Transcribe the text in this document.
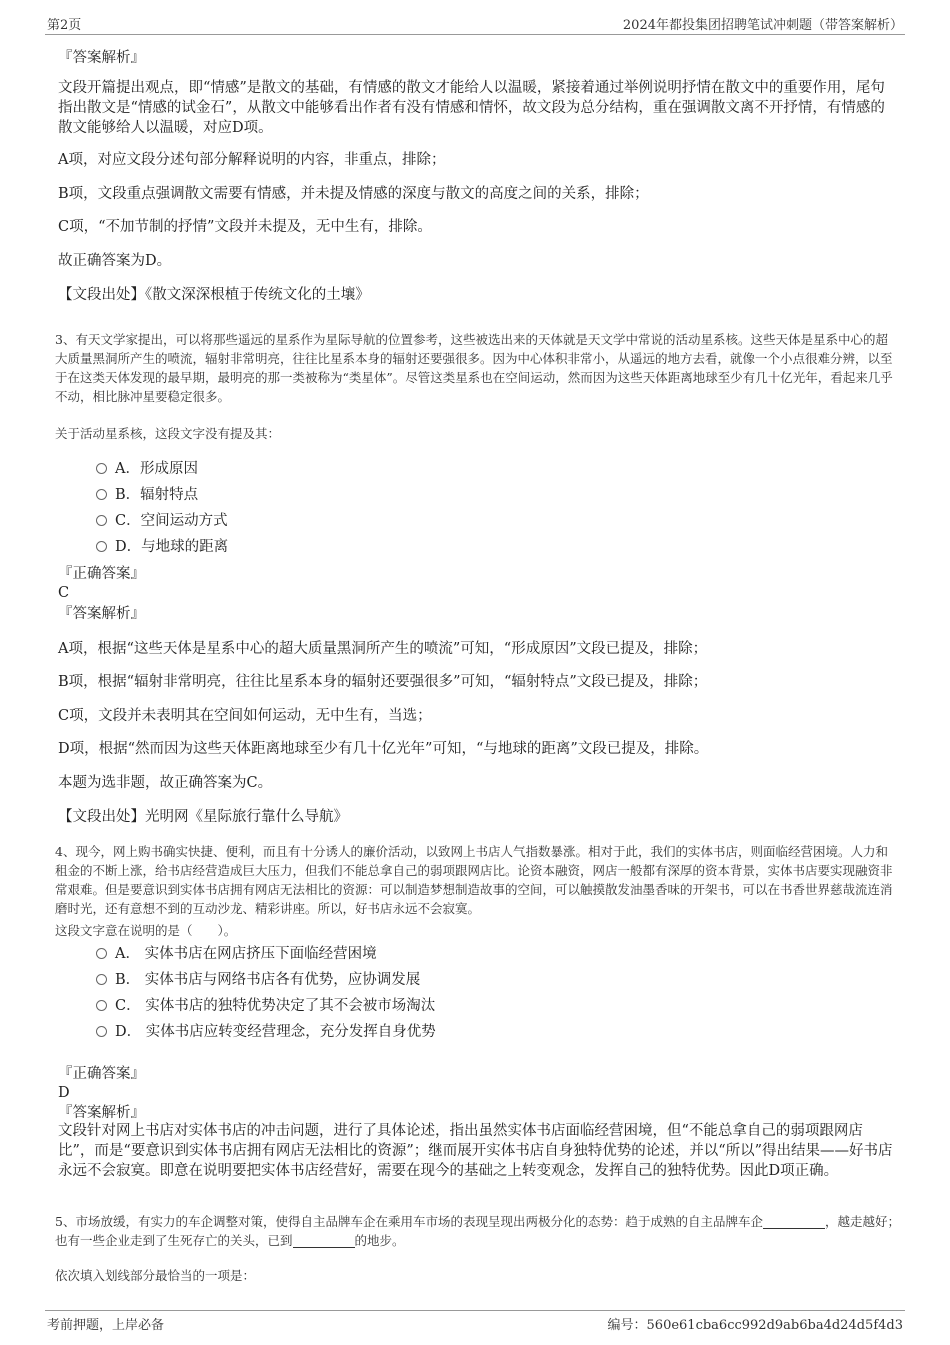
第2页	2024年都投集团招聘笔试冲刺题（带答案解析）

『答案解析』

文段开篇提出观点，即“情感”是散文的基础，有情感的散文才能给人以温暖，紧接着通过举例说明抒情在散文中的重要作用，尾句指出散文是“情感的试金石”，从散文中能够看出作者有没有情感和情怀，故文段为总分结构，重在强调散文离不开抒情，有情感的散文能够给人以温暖，对应D项。

A项，对应文段分述句部分解释说明的内容，非重点，排除；

B项，文段重点强调散文需要有情感，并未提及情感的深度与散文的高度之间的关系，排除；

C项，“不加节制的抒情”文段并未提及，无中生有，排除。

故正确答案为D。

【文段出处】《散文深深根植于传统文化的土壤》

3、有天文学家提出，可以将那些遥远的星系作为星际导航的位置参考，这些被选出来的天体就是天文学中常说的活动星系核。这些天体是星系中心的超大质量黑洞所产生的喷流，辐射非常明亮，往往比星系本身的辐射还要强很多。因为中心体积非常小，从遥远的地方去看，就像一个小点很难分辨，以至于在这类天体发现的最早期，最明亮的那一类被称为“类星体”。尽管这类星系也在空间运动，然而因为这些天体距离地球至少有几十亿光年，看起来几乎不动，相比脉冲星要稳定很多。

关于活动星系核，这段文字没有提及其：

A．形成原因
B．辐射特点
C．空间运动方式
D．与地球的距离

『正确答案』

C

『答案解析』

A项，根据“这些天体是星系中心的超大质量黑洞所产生的喷流”可知，“形成原因”文段已提及，排除；

B项，根据“辐射非常明亮，往往比星系本身的辐射还要强很多”可知，“辐射特点”文段已提及，排除；

C项，文段并未表明其在空间如何运动，无中生有，当选；

D项，根据“然而因为这些天体距离地球至少有几十亿光年”可知，“与地球的距离”文段已提及，排除。

本题为选非题，故正确答案为C。

【文段出处】光明网《星际旅行靠什么导航》

4、现今，网上购书确实快捷、便利，而且有十分诱人的廉价活动，以致网上书店人气指数暴涨。相对于此，我们的实体书店，则面临经营困境。人力和租金的不断上涨，给书店经营造成巨大压力，但我们不能总拿自己的弱项跟网店比。论资本融资，网店一般都有深厚的资本背景，实体书店要实现融资非常艰难。但是要意识到实体书店拥有网店无法相比的资源：可以制造梦想制造故事的空间，可以触摸散发油墨香味的开架书，可以在书香世界慈哉流连消磨时光，还有意想不到的互动沙龙、精彩讲座。所以，好书店永远不会寂寞。

这段文字意在说明的是（　　）。

A． 实体书店在网店挤压下面临经营困境
B． 实体书店与网络书店各有优势，应协调发展
C． 实体书店的独特优势决定了其不会被市场淘汰
D． 实体书店应转变经营理念，充分发挥自身优势

『正确答案』

D

『答案解析』

文段针对网上书店对实体书店的冲击问题，进行了具体论述，指出虽然实体书店面临经营困境，但“不能总拿自己的弱项跟网店比”，而是“要意识到实体书店拥有网店无法相比的资源”；继而展开实体书店自身独特优势的论述，并以“所以”得出结果——好书店永远不会寂寞。即意在说明要把实体书店经营好，需要在现今的基础之上转变观念，发挥自己的独特优势。因此D项正确。

5、市场放缓，有实力的车企调整对策，使得自主品牌车企在乘用车市场的表现呈现出两极分化的态势：趋于成熟的自主品牌车企	，越走越好；也有一些企业走到了生死存亡的关头，已到	的地步。

依次填入划线部分最恰当的一项是：

考前押题，上岸必备	编号：560e61cba6cc992d9ab6ba4d24d5f4d3
